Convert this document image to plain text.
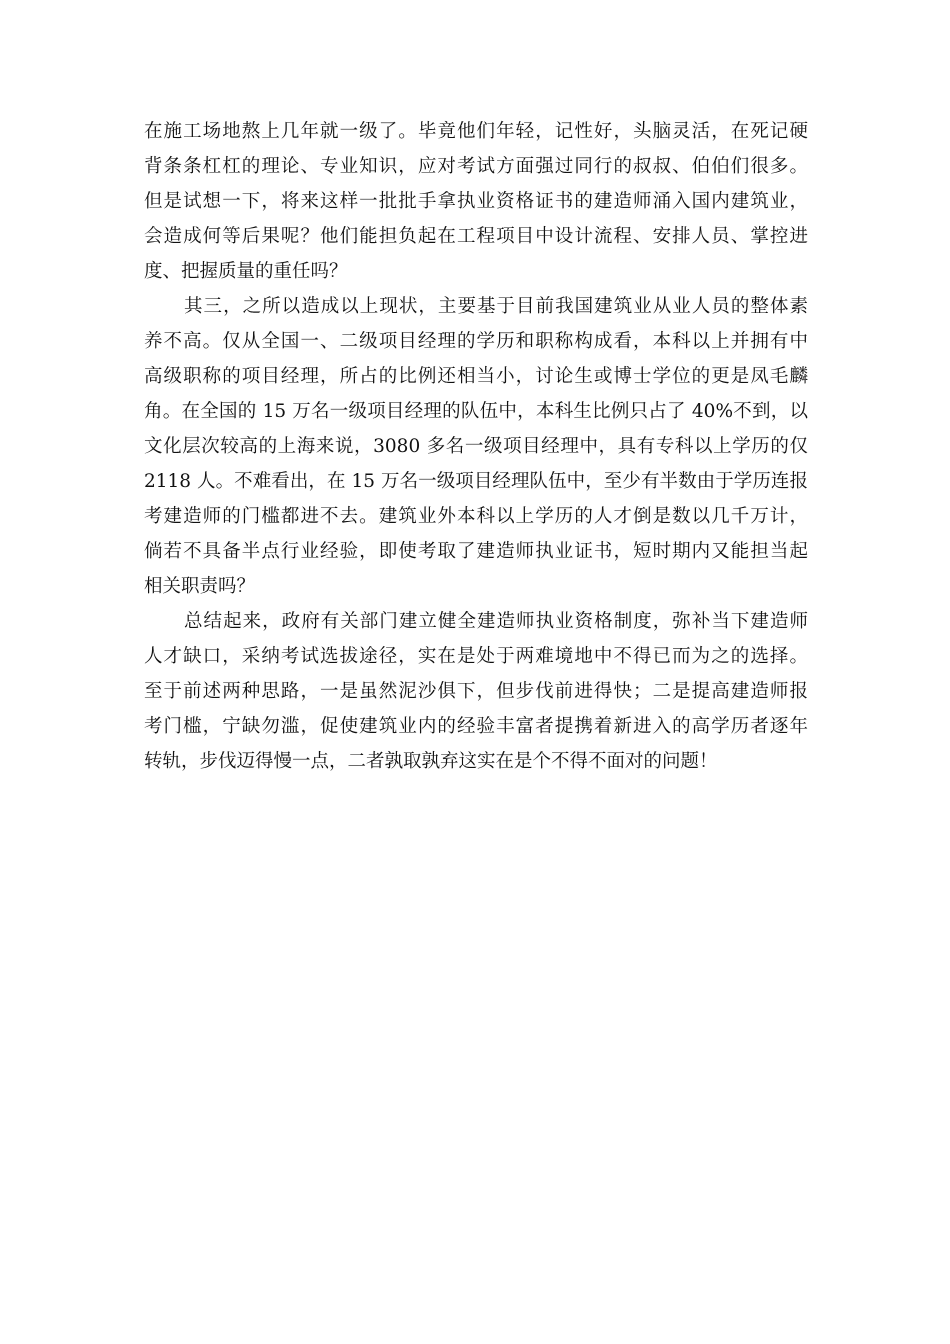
在施工场地熬上几年就一级了。毕竟他们年轻，记性好，头脑灵活，在死记硬
背条条杠杠的理论、专业知识，应对考试方面强过同行的叔叔、伯伯们很多。
但是试想一下，将来这样一批批手拿执业资格证书的建造师涌入国内建筑业，
会造成何等后果呢？他们能担负起在工程项目中设计流程、安排人员、掌控进
度、把握质量的重任吗？
其三，之所以造成以上现状，主要基于目前我国建筑业从业人员的整体素
养不高。仅从全国一、二级项目经理的学历和职称构成看，本科以上并拥有中
高级职称的项目经理，所占的比例还相当小，讨论生或博士学位的更是凤毛麟
角。在全国的 15 万名一级项目经理的队伍中，本科生比例只占了 40%不到，以
文化层次较高的上海来说，3080 多名一级项目经理中，具有专科以上学历的仅
2118 人。不难看出，在 15 万名一级项目经理队伍中，至少有半数由于学历连报
考建造师的门槛都进不去。建筑业外本科以上学历的人才倒是数以几千万计，
倘若不具备半点行业经验，即使考取了建造师执业证书，短时期内又能担当起
相关职责吗？
总结起来，政府有关部门建立健全建造师执业资格制度，弥补当下建造师
人才缺口，采纳考试选拔途径，实在是处于两难境地中不得已而为之的选择。
至于前述两种思路，一是虽然泥沙俱下，但步伐前进得快；二是提高建造师报
考门槛，宁缺勿滥，促使建筑业内的经验丰富者提携着新进入的高学历者逐年
转轨，步伐迈得慢一点，二者孰取孰弃这实在是个不得不面对的问题！
